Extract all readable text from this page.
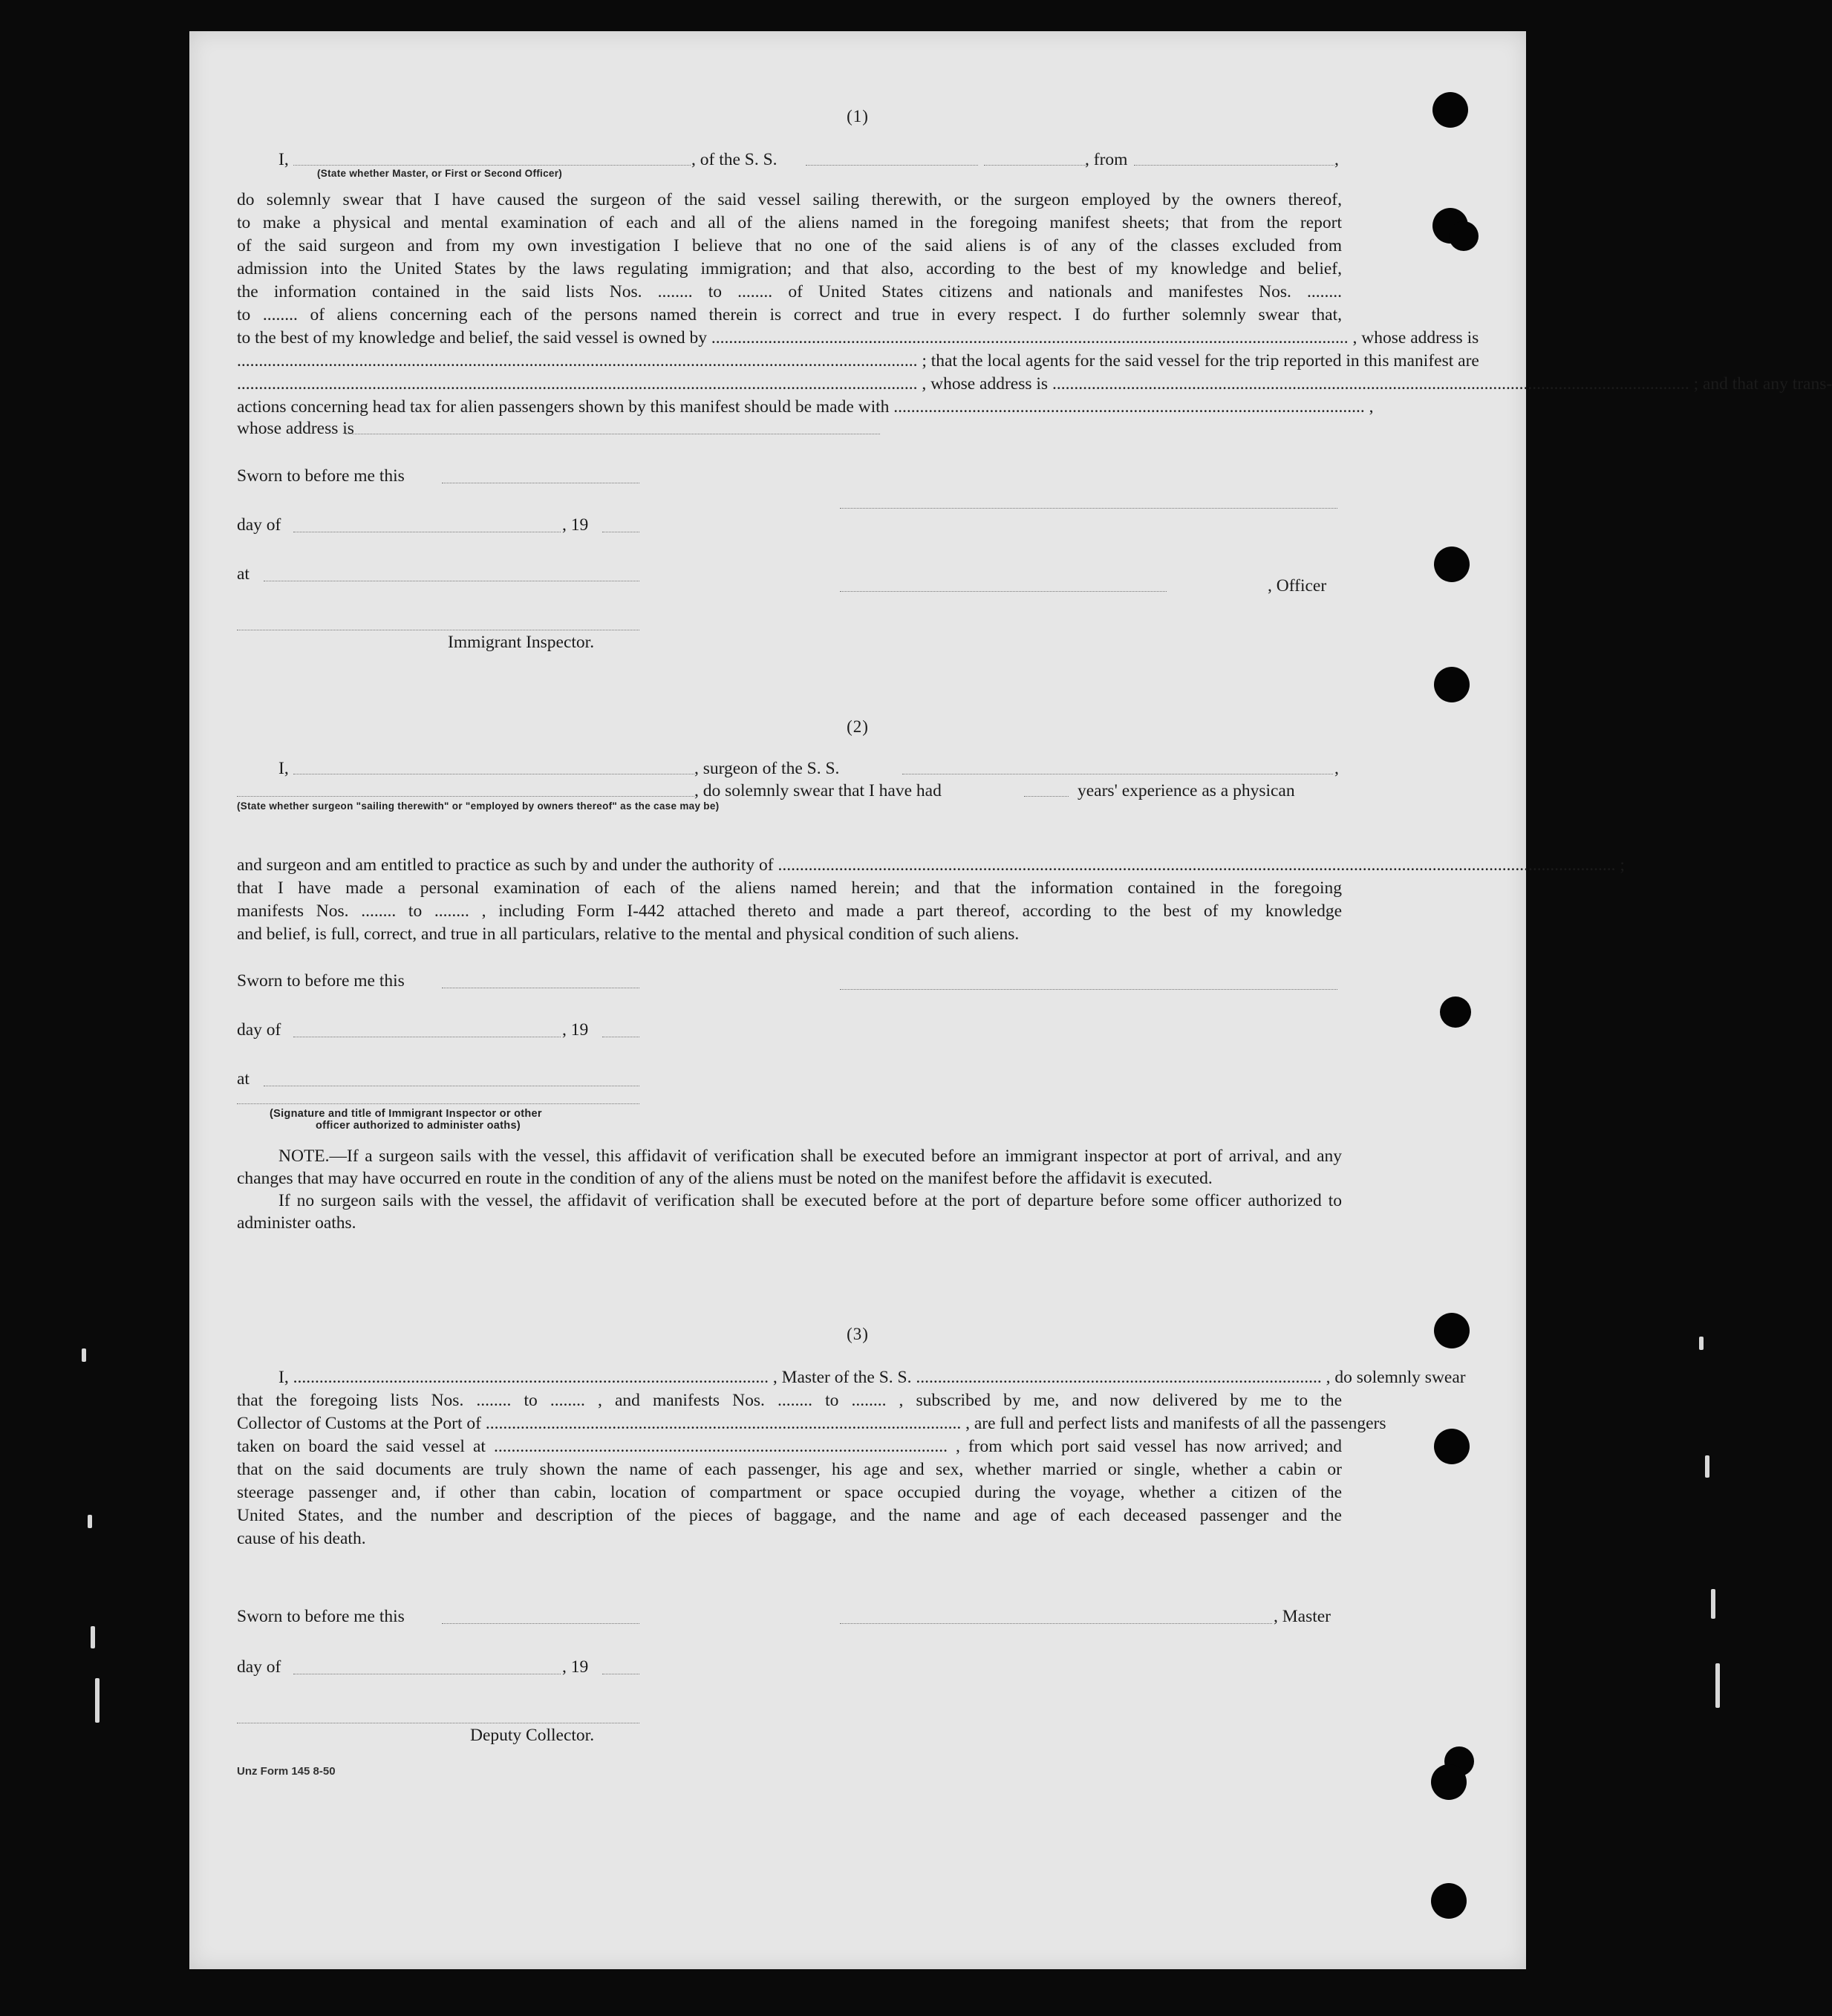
(1)
I,	, of the S. S.	, from	,
(State whether Master, or First or Second Officer)
do solemnly swear that I have caused the surgeon of the said vessel sailing therewith, or the surgeon employed by the owners thereof,
to make a physical and mental examination of each and all of the aliens named in the foregoing manifest sheets; that from the report
of the said surgeon and from my own investigation I believe that no one of the said aliens is of any of the classes excluded from
admission into the United States by the laws regulating immigration; and that also, according to the best of my knowledge and belief,
the information contained in the said lists Nos. ........ to ........ of United States citizens and nationals and manifestes Nos. ........
to ........ of aliens concerning each of the persons named therein is correct and true in every respect. I do further solemnly swear that,
to the best of my knowledge and belief, the said vessel is owned by .................................................................................................................................................. , whose address is
............................................................................................................................................................ ; that the local agents for the said vessel for the trip reported in this manifest are
............................................................................................................................................................ , whose address is .................................................................................................................................................. ; and that any trans-
actions concerning head tax for alien passengers shown by this manifest should be made with ............................................................................................................ ,
whose address is
Sworn to before me this
day of	, 19
at
, Officer
Immigrant Inspector.
(2)
I,	, surgeon of the S. S.	,
, do solemnly swear that I have had	years' experience as a physican
(State whether surgeon "sailing therewith" or "employed by owners thereof" as the case may be)
and surgeon and am entitled to practice as such by and under the authority of ................................................................................................................................................................................................ ;
that I have made a personal examination of each of the aliens named herein; and that the information contained in the foregoing
manifests Nos. ........ to ........ , including Form I-442 attached thereto and made a part thereof, according to the best of my knowledge
and belief, is full, correct, and true in all particulars, relative to the mental and physical condition of such aliens.
Sworn to before me this
day of	, 19
at
(Signature and title of Immigrant Inspector or other
officer authorized to administer oaths)

NOTE.—If a surgeon sails with the vessel, this affidavit of verification shall be executed before an immigrant inspector at port of arrival, and any changes that may have occurred en route in the condition of any of the aliens must be noted on the manifest before the affidavit is executed.

If no surgeon sails with the vessel, the affidavit of verification shall be executed before at the port of departure before some officer authorized to administer oaths.

(3)
I, ............................................................................................................. , Master of the S. S. ............................................................................................. , do solemnly swear
that the foregoing lists Nos. ........ to ........ , and manifests Nos. ........ to ........ , subscribed by me, and now delivered by me to the
Collector of Customs at the Port of ............................................................................................................. , are full and perfect lists and manifests of all the passengers
taken on board the said vessel at ........................................................................................................ , from which port said vessel has now arrived; and
that on the said documents are truly shown the name of each passenger, his age and sex, whether married or single, whether a cabin or
steerage passenger and, if other than cabin, location of compartment or space occupied during the voyage, whether a citizen of the
United States, and the number and description of the pieces of baggage, and the name and age of each deceased passenger and the
cause of his death.
Sworn to before me this	, Master
day of	, 19
Deputy Collector.
Unz Form 145 8-50
